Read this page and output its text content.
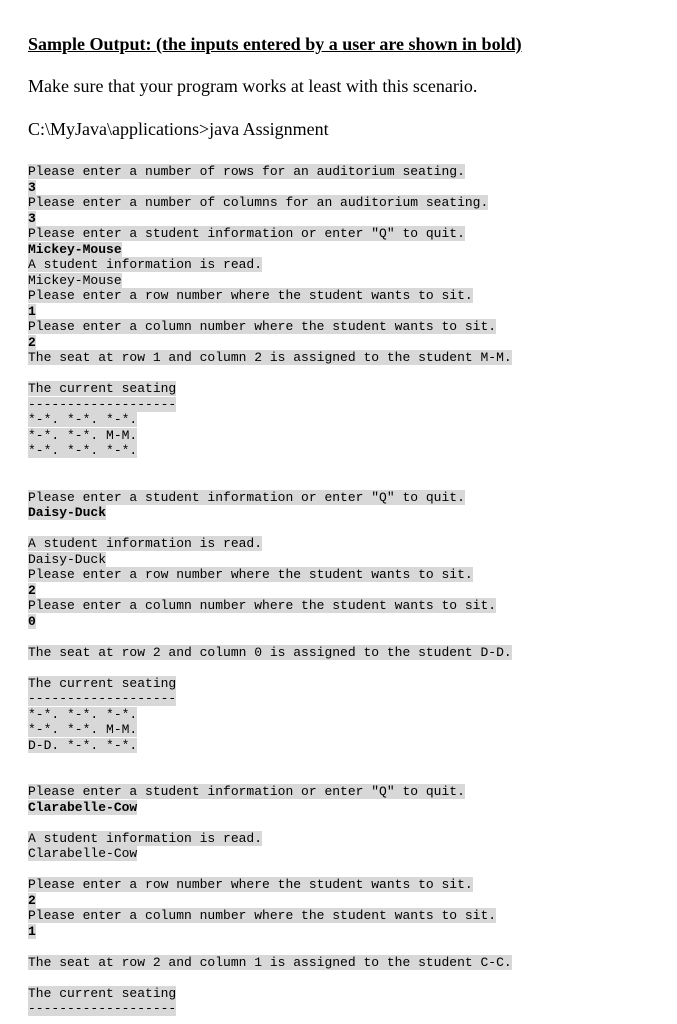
Sample Output: (the inputs entered by a user are shown in bold)

Make sure that your program works at least with this scenario.

C:\MyJava\applications>java Assignment

Please enter a number of rows for an auditorium seating.
3
Please enter a number of columns for an auditorium seating.
3
Please enter a student information or enter "Q" to quit.
Mickey-Mouse
A student information is read.
Mickey-Mouse
Please enter a row number where the student wants to sit.
1
Please enter a column number where the student wants to sit.
2
The seat at row 1 and column 2 is assigned to the student M-M.
The current seating
-------------------
*-*. *-*. *-*.
*-*. *-*. M-M.
*-*. *-*. *-*.
Please enter a student information or enter "Q" to quit.
Daisy-Duck
A student information is read.
Daisy-Duck
Please enter a row number where the student wants to sit.
2
Please enter a column number where the student wants to sit.
0
The seat at row 2 and column 0 is assigned to the student D-D.
The current seating
-------------------
*-*. *-*. *-*.
*-*. *-*. M-M.
D-D. *-*. *-*.
Please enter a student information or enter "Q" to quit.
Clarabelle-Cow
A student information is read.
Clarabelle-Cow
Please enter a row number where the student wants to sit.
2
Please enter a column number where the student wants to sit.
1
The seat at row 2 and column 1 is assigned to the student C-C.
The current seating
-------------------
